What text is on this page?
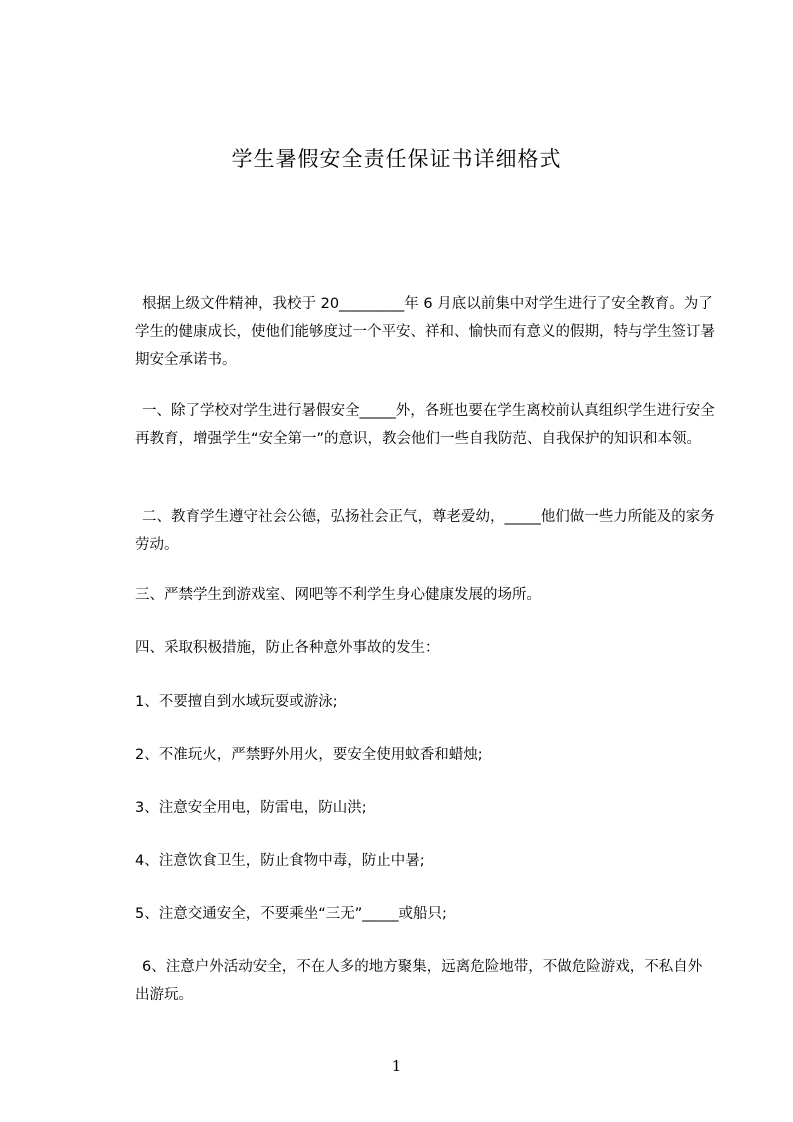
学生暑假安全责任保证书详细格式

根据上级文件精神，我校于 20_________年 6 月底以前集中对学生进行了安全教育。为了学生的健康成长，使他们能够度过一个平安、祥和、愉快而有意义的假期，特与学生签订暑期安全承诺书。

一、除了学校对学生进行暑假安全_____外，各班也要在学生离校前认真组织学生进行安全再教育，增强学生“安全第一”的意识，教会他们一些自我防范、自我保护的知识和本领。

二、教育学生遵守社会公德，弘扬社会正气，尊老爱幼，_____他们做一些力所能及的家务劳动。

三、严禁学生到游戏室、网吧等不利学生身心健康发展的场所。

四、采取积极措施，防止各种意外事故的发生：

1、不要擅自到水域玩耍或游泳;

2、不准玩火，严禁野外用火，要安全使用蚊香和蜡烛;

3、注意安全用电，防雷电，防山洪;

4、注意饮食卫生，防止食物中毒，防止中暑;

5、注意交通安全，不要乘坐“三无”_____或船只;

6、注意户外活动安全，不在人多的地方聚集，远离危险地带，不做危险游戏，不私自外出游玩。

1
